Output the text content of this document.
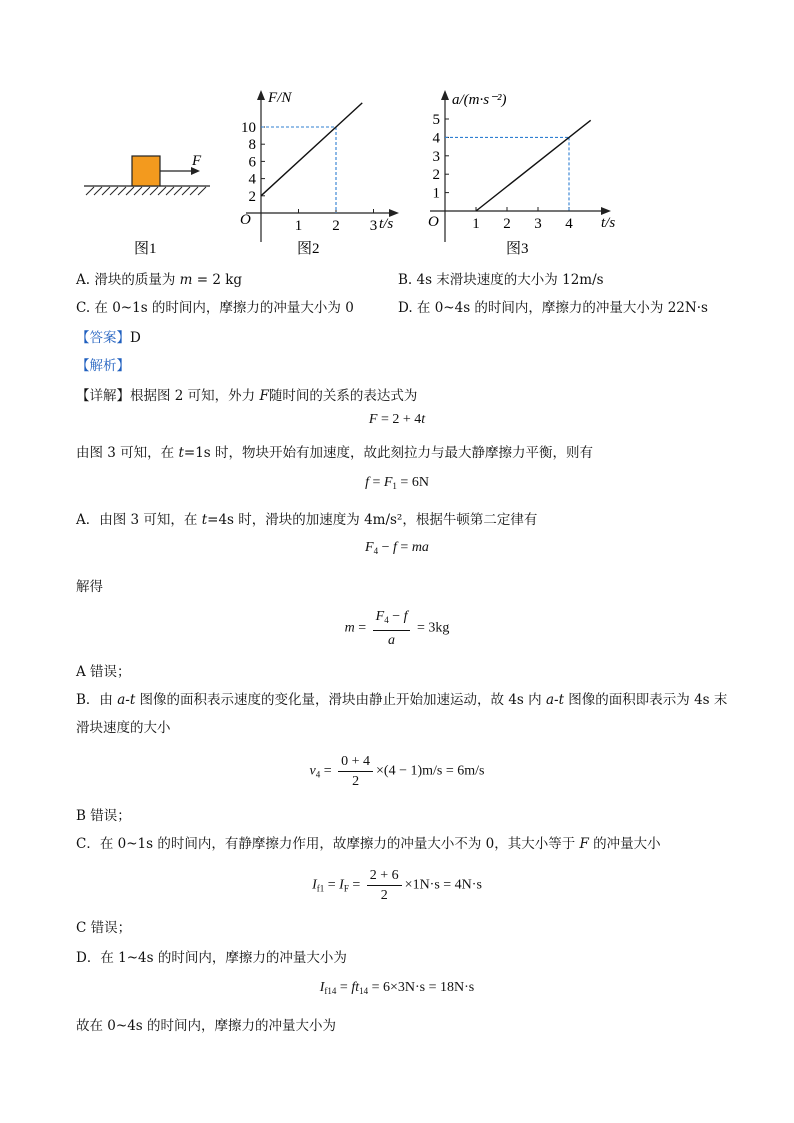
F
图1
F/N
t/s
O
10
8
6
4
2
1 2 3
图2
a/(m·s⁻²)
t/s
O
5
4
3
2
1
1 2 3 4
图3
A. 滑块的质量为 m = 2 kg	B. 4s 末滑块速度的大小为 12m/s
C. 在 0~1s 的时间内，摩擦力的冲量大小为 0	D. 在 0~4s 的时间内，摩擦力的冲量大小为 22N·s
【答案】D
【解析】
【详解】根据图 2 可知，外力 F随时间的关系的表达式为
F = 2 + 4t
由图 3 可知，在 t=1s 时，物块开始有加速度，故此刻拉力与最大静摩擦力平衡，则有
$f = F_1 = 6N$
A．由图 3 可知，在 t=4s 时，滑块的加速度为 4m/s²，根据牛顿第二定律有
$F_4 - f$ = ma
解得
$m = \frac{F_4 - f}{a} = 3kg$
A 错误；
B．由 a-t 图像的面积表示速度的变化量，滑块由静止开始加速运动，故 4s 内 a-t 图像的面积即表示为 4s 末
滑块速度的大小
$v_4 = \frac{0 + 4}{2} \times(4 - 1)m/s = 6m/s$
B 错误；
C．在 0~1s 的时间内，有静摩擦力作用，故摩擦力的冲量大小不为 0，其大小等于 F 的冲量大小
$I_{f1} = I_F = \frac{2 + 6}{2} \times 1N\cdot s = 4N\cdot s$
C 错误；
D．在 1~4s 的时间内，摩擦力的冲量大小为
$I_{f14} = ft_{14} = 6\times 3N\cdot s = 18N\cdot s$
故在 0~4s 的时间内，摩擦力的冲量大小为
